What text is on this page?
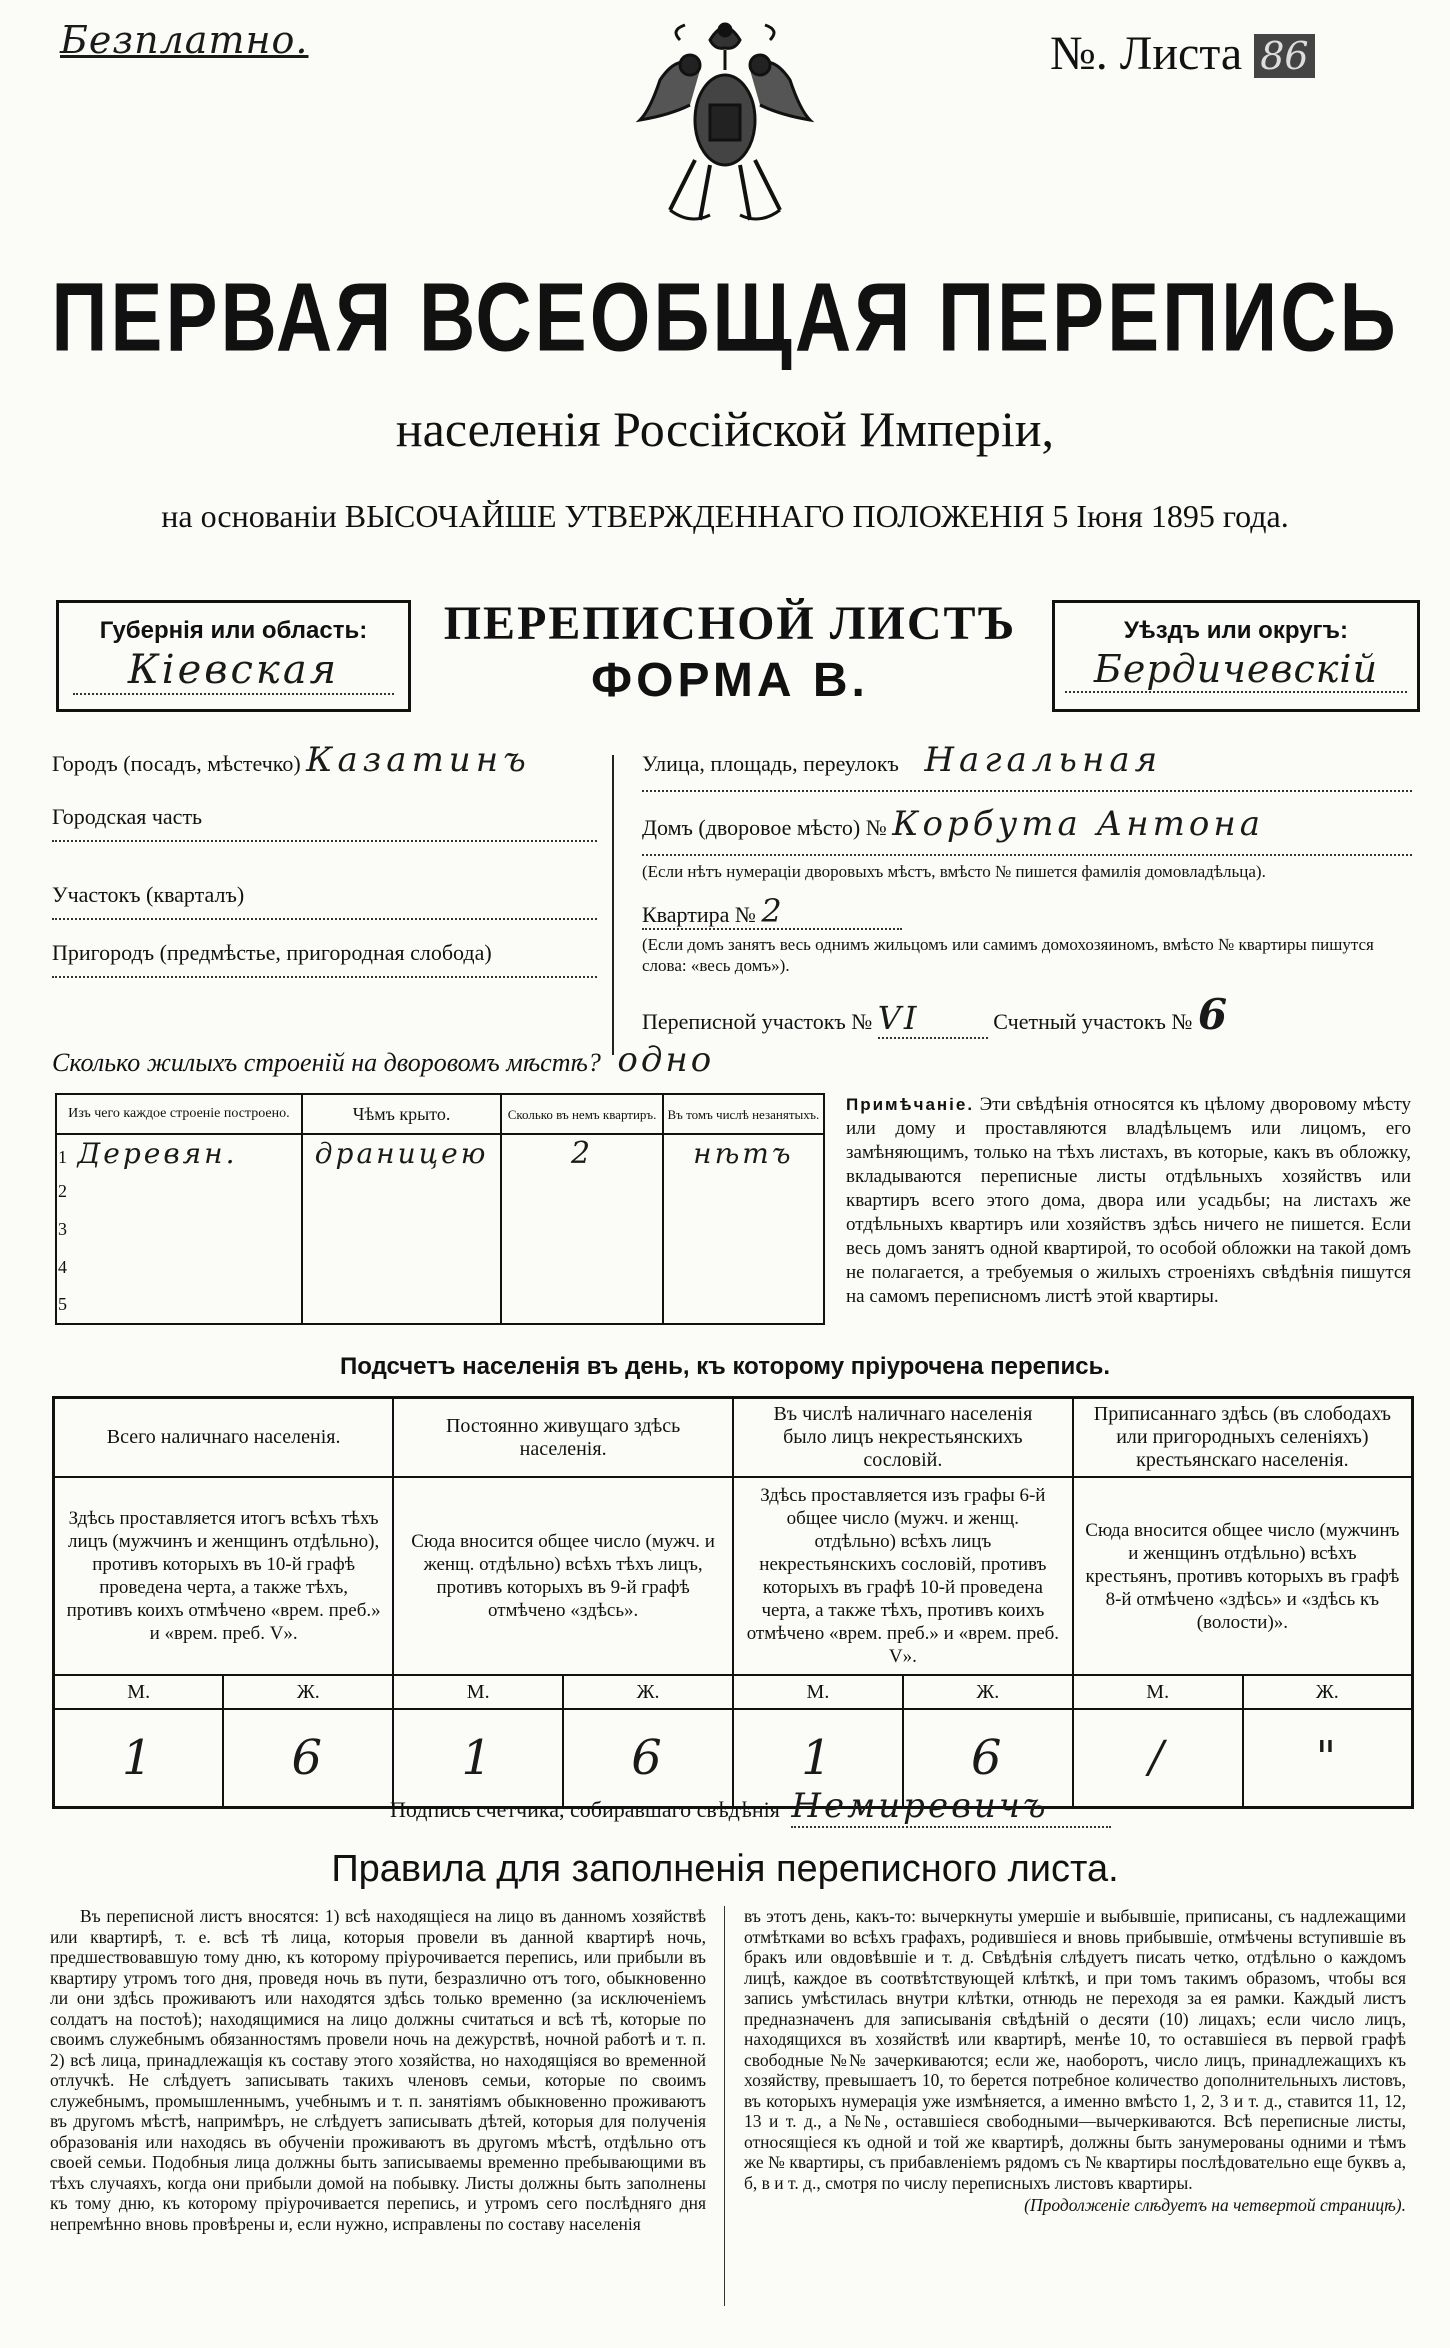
Безплатно.	№. Листа 86
ПЕРВАЯ ВСЕОБЩАЯ ПЕРЕПИСЬ
населенія Россійской Имперіи,
на основаніи ВЫСОЧАЙШЕ УТВЕРЖДЕННАГО ПОЛОЖЕНІЯ 5 Іюня 1895 года.
Губернія или область:
Кіевская
ПЕРЕПИСНОЙ ЛИСТЪ
ФОРМА В.
Уѣздъ или округъ:
Бердичевскій
Городъ (посадъ, мѣстечко) Казатинъ
Городская часть
Участокъ (кварталъ)
Пригородъ (предмѣстье, пригородная слобода)
Улица, площадь, переулокъ Нагальная
Домъ (дворовое мѣсто) № Корбута Антона
(Если нѣтъ нумераціи дворовыхъ мѣстъ, вмѣсто № пишется фамилія домовладѣльца).
Квартира № 2
(Если домъ занятъ весь однимъ жильцомъ или самимъ домохозяиномъ, вмѣсто № квартиры пишутся слова: «весь домъ»).
Переписной участокъ № VI	Счетный участокъ № 6
Сколько жилыхъ строеній на дворовомъ мѣстѣ? одно
Изъ чего каждое строеніе построено.	Чѣмъ крыто.	Сколько въ немъ квартиръ.	Въ томъ числѣ незанятыхъ.
1 Деревян.	драницею	2	нѣтъ
2			
3			
4			
5			
Примѣчаніе. Эти свѣдѣнія относятся къ цѣлому дворовому мѣсту или дому и проставляются владѣльцемъ или лицомъ, его замѣняющимъ, только на тѣхъ листахъ, въ которые, какъ въ обложку, вкладываются переписные листы отдѣльныхъ хозяйствъ или квартиръ всего этого дома, двора или усадьбы; на листахъ же отдѣльныхъ квартиръ или хозяйствъ здѣсь ничего не пишется. Если весь домъ занятъ одной квартирой, то особой обложки на такой домъ не полагается, а требуемыя о жилыхъ строеніяхъ свѣдѣнія пишутся на самомъ переписномъ листѣ этой квартиры.
Подсчетъ населенія въ день, къ которому пріурочена перепись.
Всего наличнаго населенія.		Постоянно живущаго здѣсь населенія.		Въ числѣ наличнаго населенія было лицъ некрестьянскихъ сословій.		Приписаннаго здѣсь (въ слободахъ или пригородныхъ селеніяхъ) крестьянскаго населенія.	
Здѣсь проставляется итогъ всѣхъ тѣхъ лицъ (мужчинъ и женщинъ отдѣльно), противъ которыхъ въ 10-й графѣ проведена черта, а также тѣхъ, противъ коихъ отмѣчено «врем. преб.» и «врем. преб. V».		Сюда вносится общее число (мужч. и женщ. отдѣльно) всѣхъ тѣхъ лицъ, противъ которыхъ въ 9-й графѣ отмѣчено «здѣсь».		Здѣсь проставляется изъ графы 6-й общее число (мужч. и женщ. отдѣльно) всѣхъ лицъ некрестьянскихъ сословій, противъ которыхъ въ графѣ 10-й проведена черта, а также тѣхъ, противъ коихъ отмѣчено «врем. преб.» и «врем. преб. V».		Сюда вносится общее число (мужчинъ и женщинъ отдѣльно) всѣхъ крестьянъ, противъ которыхъ въ графѣ 8-й отмѣчено «здѣсь» и «здѣсь къ (волости)».	
М.	Ж.	М.	Ж.	М.	Ж.	М.	Ж.
1	6	1	6	1	6	/	"
Подпись счетчика, собиравшаго свѣдѣнія Немиревичъ
Правила для заполненія переписного листа.
Въ переписной листъ вносятся: 1) всѣ находящіеся на лицо въ данномъ хозяйствѣ или квартирѣ, т. е. всѣ тѣ лица, которыя провели въ данной квартирѣ ночь, предшествовавшую тому дню, къ которому пріурочивается перепись, или прибыли въ квартиру утромъ того дня, проведя ночь въ пути, безразлично отъ того, обыкновенно ли они здѣсь проживаютъ или находятся здѣсь только временно (за исключеніемъ солдатъ на постоѣ); находящимися на лицо должны считаться и всѣ тѣ, которые по своимъ служебнымъ обязанностямъ провели ночь на дежурствѣ, ночной работѣ и т. п. 2) всѣ лица, принадлежащія къ составу этого хозяйства, но находящіяся во временной отлучкѣ. Не слѣдуетъ записывать такихъ членовъ семьи, которые по своимъ служебнымъ, промышленнымъ, учебнымъ и т. п. занятіямъ обыкновенно проживаютъ въ другомъ мѣстѣ, напримѣръ, не слѣдуетъ записывать дѣтей, которыя для полученія образованія или находясь въ обученіи проживаютъ въ другомъ мѣстѣ, отдѣльно отъ своей семьи. Подобныя лица должны быть записываемы временно пребывающими въ тѣхъ случаяхъ, когда они прибыли домой на побывку. Листы должны быть заполнены къ тому дню, къ которому пріурочивается перепись, и утромъ сего послѣдняго дня непремѣнно вновь провѣрены и, если нужно, исправлены по составу населенія
въ этотъ день, какъ-то: вычеркнуты умершіе и выбывшіе, приписаны, съ надлежащими отмѣтками во всѣхъ графахъ, родившіеся и вновь прибывшіе, отмѣчены вступившіе въ бракъ или овдовѣвшіе и т. д. Свѣдѣнія слѣдуетъ писать четко, отдѣльно о каждомъ лицѣ, каждое въ соотвѣтствующей клѣткѣ, и при томъ такимъ образомъ, чтобы вся запись умѣстилась внутри клѣтки, отнюдь не переходя за ея рамки. Каждый листъ предназначенъ для записыванія свѣдѣній о десяти (10) лицахъ; если число лицъ, находящихся въ хозяйствѣ или квартирѣ, менѣе 10, то оставшіеся въ первой графѣ свободные №№ зачеркиваются; если же, наоборотъ, число лицъ, принадлежащихъ къ хозяйству, превышаетъ 10, то берется потребное количество дополнительныхъ листовъ, въ которыхъ нумерація уже измѣняется, а именно вмѣсто 1, 2, 3 и т. д., ставится 11, 12, 13 и т. д., а №№, оставшіеся свободными—вычеркиваются. Всѣ переписные листы, относящіеся къ одной и той же квартирѣ, должны быть занумерованы одними и тѣмъ же № квартиры, съ прибавленіемъ рядомъ съ № квартиры послѣдовательно еще буквъ а, б, в и т. д., смотря по числу переписныхъ листовъ квартиры.
(Продолженіе слѣдуетъ на четвертой страницѣ).
